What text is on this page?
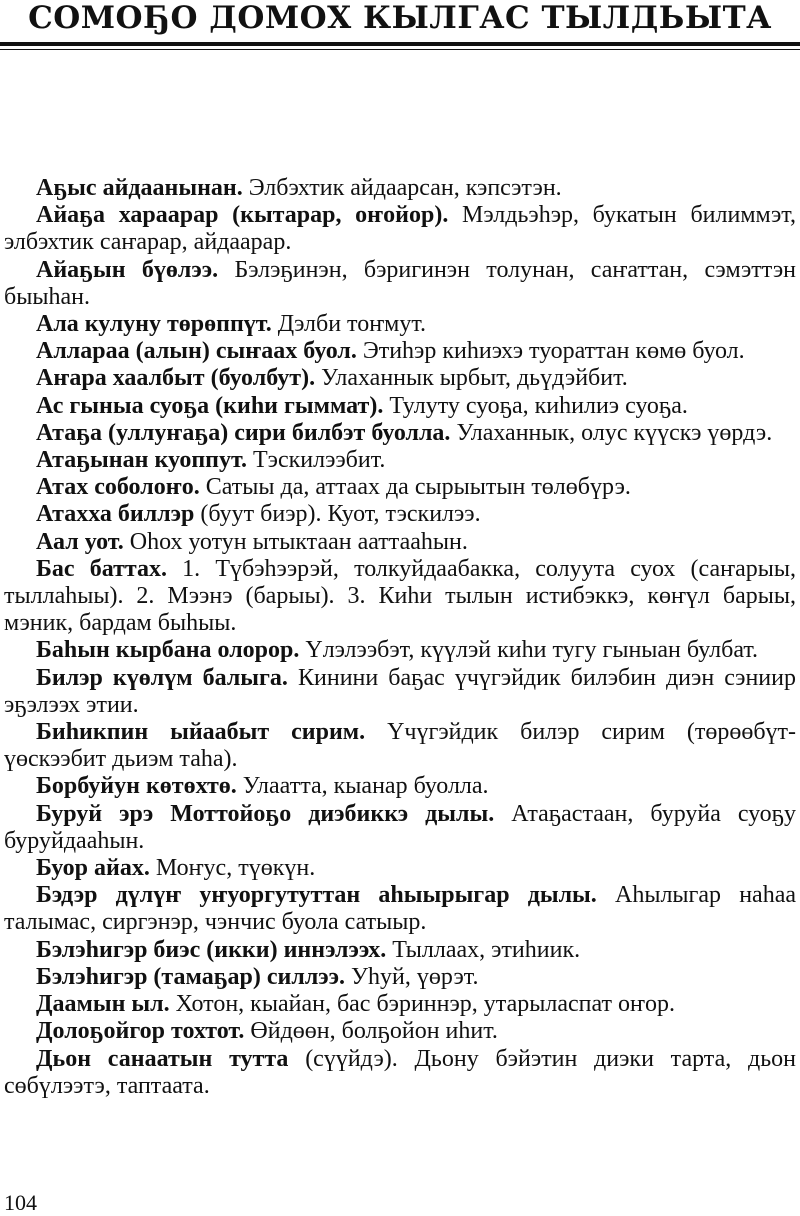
СОМОҔО ДОМОХ КЫЛГАС ТЫЛДЬЫТА

Аҕыс айдаанынан. Элбэхтик айдаарсан, кэпсэтэн.

Айаҕа хараарар (кытарар, оҥойор). Мэлдьэһэр, букатын билиммэт, элбэхтик саҥарар, айдаарар.

Айаҕын бүөлээ. Бэлэҕинэн, бэригинэн толунан, саҥаттан, сэмэттэн быыһан.

Ала кулуну төрөппүт. Дэлби тоҥмут.

Аллараа (алын) сыҥаах буол. Этиһэр киһиэхэ туораттан көмө буол.

Аҥара хаалбыт (буолбут). Улаханнык ырбыт, дьүдэйбит.

Ас гыныа суоҕа (киһи гыммат). Тулуту суоҕа, киһилиэ суоҕа.

Атаҕа (уллуҥаҕа) сири билбэт буолла. Улаханнык, олус күүскэ үөрдэ.

Атаҕынан куоппут. Тэскилээбит.

Атах соболоҥо. Сатыы да, аттаах да сырыытын төлөбүрэ.

Атахха биллэр (буут биэр). Куот, тэскилээ.

Аал уот. Оһох уотун ытыктаан ааттааһын.

Бас баттах. 1. Түбэһээрэй, толкуйдаабакка, солуута суох (саҥарыы, тыллаһыы). 2. Мээнэ (барыы). 3. Киһи тылын истибэккэ, көҥүл барыы, мэник, бардам быһыы.

Баһын кырбана олорор. Үлэлээбэт, күүлэй киһи тугу гыныан булбат.

Билэр күөлүм балыга. Кинини баҕас үчүгэйдик билэбин диэн сэниир эҕэлээх этии.

Биһикпин ыйаабыт сирим. Үчүгэйдик билэр сирим (төрөөбүт-үөскээбит дьиэм таһа).

Борбуйун көтөхтө. Улаатта, кыанар буолла.

Буруй эрэ Моттойоҕо диэбиккэ дылы. Атаҕастаан, буруйа суоҕу буруйдааһын.

Буор айах. Моҥус, түөкүн.

Бэдэр дүлүҥ уҥуоргутуттан аһыырыгар дылы. Аһылыгар наһаа талымас, сиргэнэр, чэнчис буола сатыыр.

Бэлэһигэр биэс (икки) иннэлээх. Тыллаах, этиһиик.

Бэлэһигэр (тамаҕар) силлээ. Уһуй, үөрэт.

Даамын ыл. Хотон, кыайан, бас бэриннэр, утарыласпат оҥор.

Долоҕойгор тохтот. Өйдөөн, болҕойон иһит.

Дьон санаатын тутта (сүүйдэ). Дьону бэйэтин диэки тарта, дьон сөбүлээтэ, таптаата.

104
